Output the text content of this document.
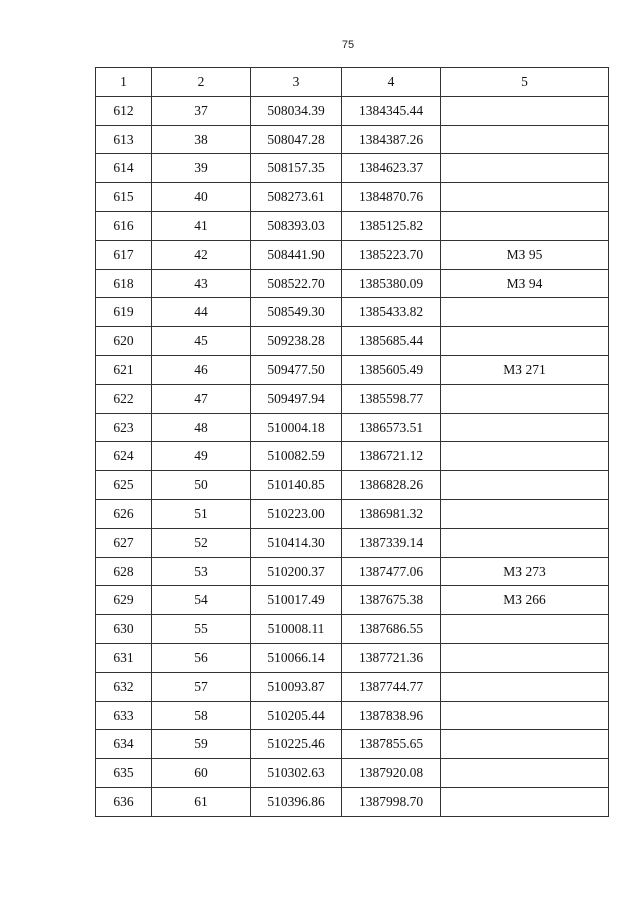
75
1	2	3	4	5
612	37	508034.39	1384345.44	
613	38	508047.28	1384387.26	
614	39	508157.35	1384623.37	
615	40	508273.61	1384870.76	
616	41	508393.03	1385125.82	
617	42	508441.90	1385223.70	МЗ 95
618	43	508522.70	1385380.09	МЗ 94
619	44	508549.30	1385433.82	
620	45	509238.28	1385685.44	
621	46	509477.50	1385605.49	МЗ 271
622	47	509497.94	1385598.77	
623	48	510004.18	1386573.51	
624	49	510082.59	1386721.12	
625	50	510140.85	1386828.26	
626	51	510223.00	1386981.32	
627	52	510414.30	1387339.14	
628	53	510200.37	1387477.06	МЗ 273
629	54	510017.49	1387675.38	МЗ 266
630	55	510008.11	1387686.55	
631	56	510066.14	1387721.36	
632	57	510093.87	1387744.77	
633	58	510205.44	1387838.96	
634	59	510225.46	1387855.65	
635	60	510302.63	1387920.08	
636	61	510396.86	1387998.70	
